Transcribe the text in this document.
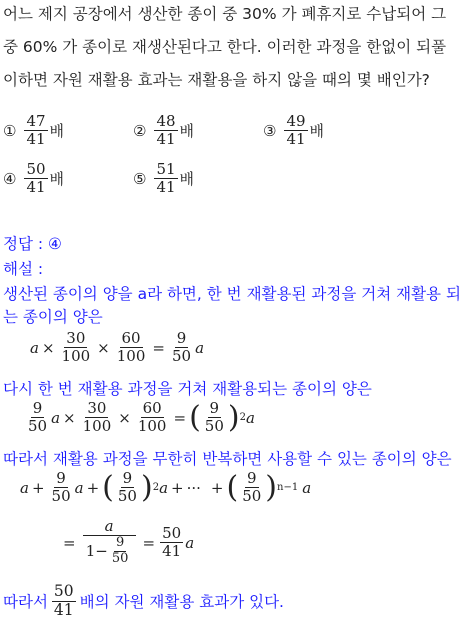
어느 제지 공장에서 생산한 종이 중 30% 가 폐휴지로 수납되어 그
중 60% 가 종이로 재생산된다고 한다. 이러한 과정을 한없이 되풀
이하면 자원 재활용 효과는 재활용을 하지 않을 때의 몇 배인가?
① $\frac{47}{41}$ 배	② $\frac{48}{41}$ 배	③ $\frac{49}{41}$ 배
④ $\frac{50}{41}$ 배	⑤ $\frac{51}{41}$ 배
정답 : ④
해설 :
생산된 종이의 양을 a라 하면, 한 번 재활용된 과정을 거쳐 재활용 되
는 종이의 양은
$a \times \frac{30}{100} \times \frac{60}{100} = \frac{9}{50}$ a
다시 한 번 재활용 과정을 거쳐 재활용되는 종이의 양은
$\frac{9}{50}$ $a \times \frac{30}{100} \times \frac{60}{100}$ = ( $\frac{9}{50}$ ) 2 a
따라서 재활용 과정을 무한히 반복하면 사용할 수 있는 종이의 양은
$a + \frac{9}{50}$ a + ( $\frac{9}{50}$ ) 2 a + ··· + ( $\frac{9}{50}$ ) n−1 a
= $\frac{a}{1- \frac{9}{50}} = \frac{50}{41}$ a
따라서 $\frac{50}{41}$ 배의 자원 재활용 효과가 있다.
